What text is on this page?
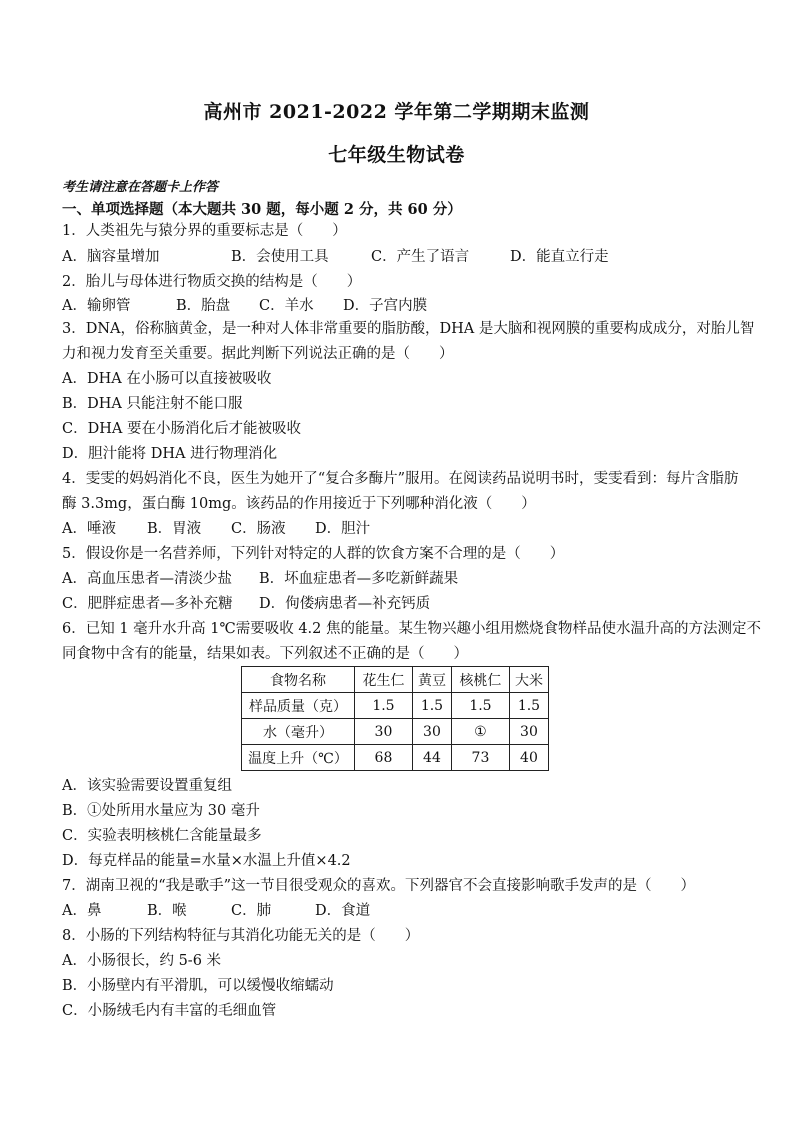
高州市 2021-2022 学年第二学期期末监测
七年级生物试卷
考生请注意在答题卡上作答
一、单项选择题（本大题共 30 题，每小题 2 分，共 60 分）
1．人类祖先与猿分界的重要标志是（　　）
A．脑容量增加	B．会使用工具	C．产生了语言	D．能直立行走
2．胎儿与母体进行物质交换的结构是（　　）
A．输卵管	B．胎盘 C．羊水 D．子宫内膜
3．DNA，俗称脑黄金，是一种对人体非常重要的脂肪酸，DHA 是大脑和视网膜的重要构成成分，对胎儿智
力和视力发育至关重要。据此判断下列说法正确的是（　　）
A．DHA 在小肠可以直接被吸收
B．DHA 只能注射不能口服
C．DHA 要在小肠消化后才能被吸收
D．胆汁能将 DHA 进行物理消化
4．雯雯的妈妈消化不良，医生为她开了“复合多酶片”服用。在阅读药品说明书时，雯雯看到：每片含脂肪
酶 3.3mg，蛋白酶 10mg。该药品的作用接近于下列哪种消化液（　　）
A．唾液 B．胃液 C．肠液 D．胆汁
5．假设你是一名营养师，下列针对特定的人群的饮食方案不合理的是（　　）
A．高血压患者—清淡少盐 B．坏血症患者—多吃新鲜蔬果
C．肥胖症患者—多补充糖 D．佝偻病患者—补充钙质
6．已知 1 毫升水升高 1℃需要吸收 4.2 焦的能量。某生物兴趣小组用燃烧食物样品使水温升高的方法测定不
同食物中含有的能量，结果如表。下列叙述不正确的是（　　）
食物名称	花生仁	黄豆	核桃仁	大米
样品质量（克）	1.5	1.5	1.5	1.5
水（毫升）	30	30	①	30
温度上升（℃）	68	44	73	40
A．该实验需要设置重复组
B．①处所用水量应为 30 毫升
C．实验表明核桃仁含能量最多
D．每克样品的能量=水量×水温上升值×4.2
7．湖南卫视的“我是歌手”这一节目很受观众的喜欢。下列器官不会直接影响歌手发声的是（　　）
A．鼻	B．喉	C．肺	D．食道
8．小肠的下列结构特征与其消化功能无关的是（　　）
A．小肠很长，约 5-6 米
B．小肠壁内有平滑肌，可以缓慢收缩蠕动
C．小肠绒毛内有丰富的毛细血管
